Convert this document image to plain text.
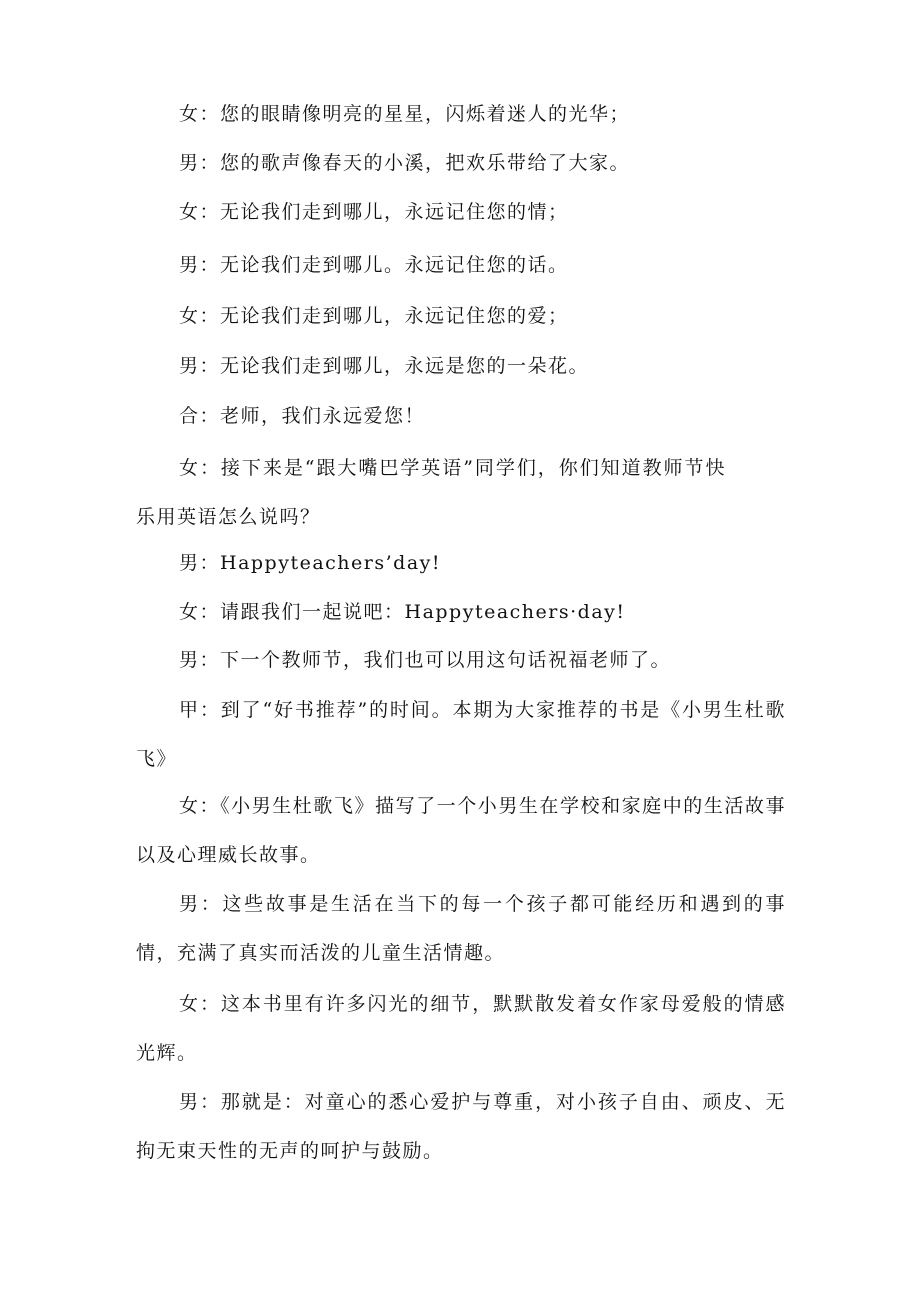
女：您的眼睛像明亮的星星，闪烁着迷人的光华；

男：您的歌声像春天的小溪，把欢乐带给了大家。

女：无论我们走到哪儿，永远记住您的情；

男：无论我们走到哪儿。永远记住您的话。

女：无论我们走到哪儿，永远记住您的爱；

男：无论我们走到哪儿，永远是您的一朵花。

合：老师，我们永远爱您！

女：接下来是“跟大嘴巴学英语”同学们，你们知道教师节快乐用英语怎么说吗？

男：Happyteachers’day!

女：请跟我们一起说吧：Happyteachers·day!

男：下一个教师节，我们也可以用这句话祝福老师了。

甲：到了“好书推荐”的时间。本期为大家推荐的书是《小男生杜歌飞》

女：《小男生杜歌飞》描写了一个小男生在学校和家庭中的生活故事以及心理威长故事。

男：这些故事是生活在当下的每一个孩子都可能经历和遇到的事情，充满了真实而活泼的儿童生活情趣。

女：这本书里有许多闪光的细节，默默散发着女作家母爱般的情感光辉。

男：那就是：对童心的悉心爱护与尊重，对小孩子自由、顽皮、无拘无束天性的无声的呵护与鼓励。
